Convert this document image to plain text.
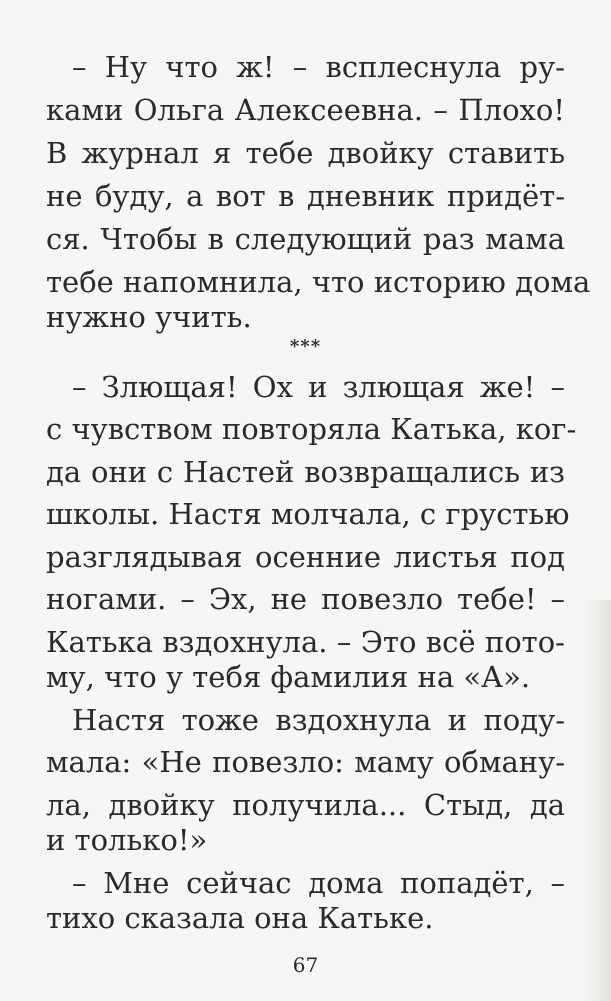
– Ну что ж! – всплеснула ру-
ками Ольга Алексеевна. – Плохо!
В журнал я тебе двойку ставить
не буду, а вот в дневник придёт-
ся. Чтобы в следующий раз мама
тебе напомнила, что историю дома
нужно учить.
***
– Злющая! Ох и злющая же! –
с чувством повторяла Катька, ког-
да они с Настей возвращались из
школы. Настя молчала, с грустью
разглядывая осенние листья под
ногами. – Эх, не повезло тебе! –
Катька вздохнула. – Это всё пото-
му, что у тебя фамилия на «А».
Настя тоже вздохнула и поду-
мала: «Не повезло: маму обману-
ла, двойку получила... Стыд, да
и только!»
– Мне сейчас дома попадёт, –
тихо сказала она Катьке.
67
